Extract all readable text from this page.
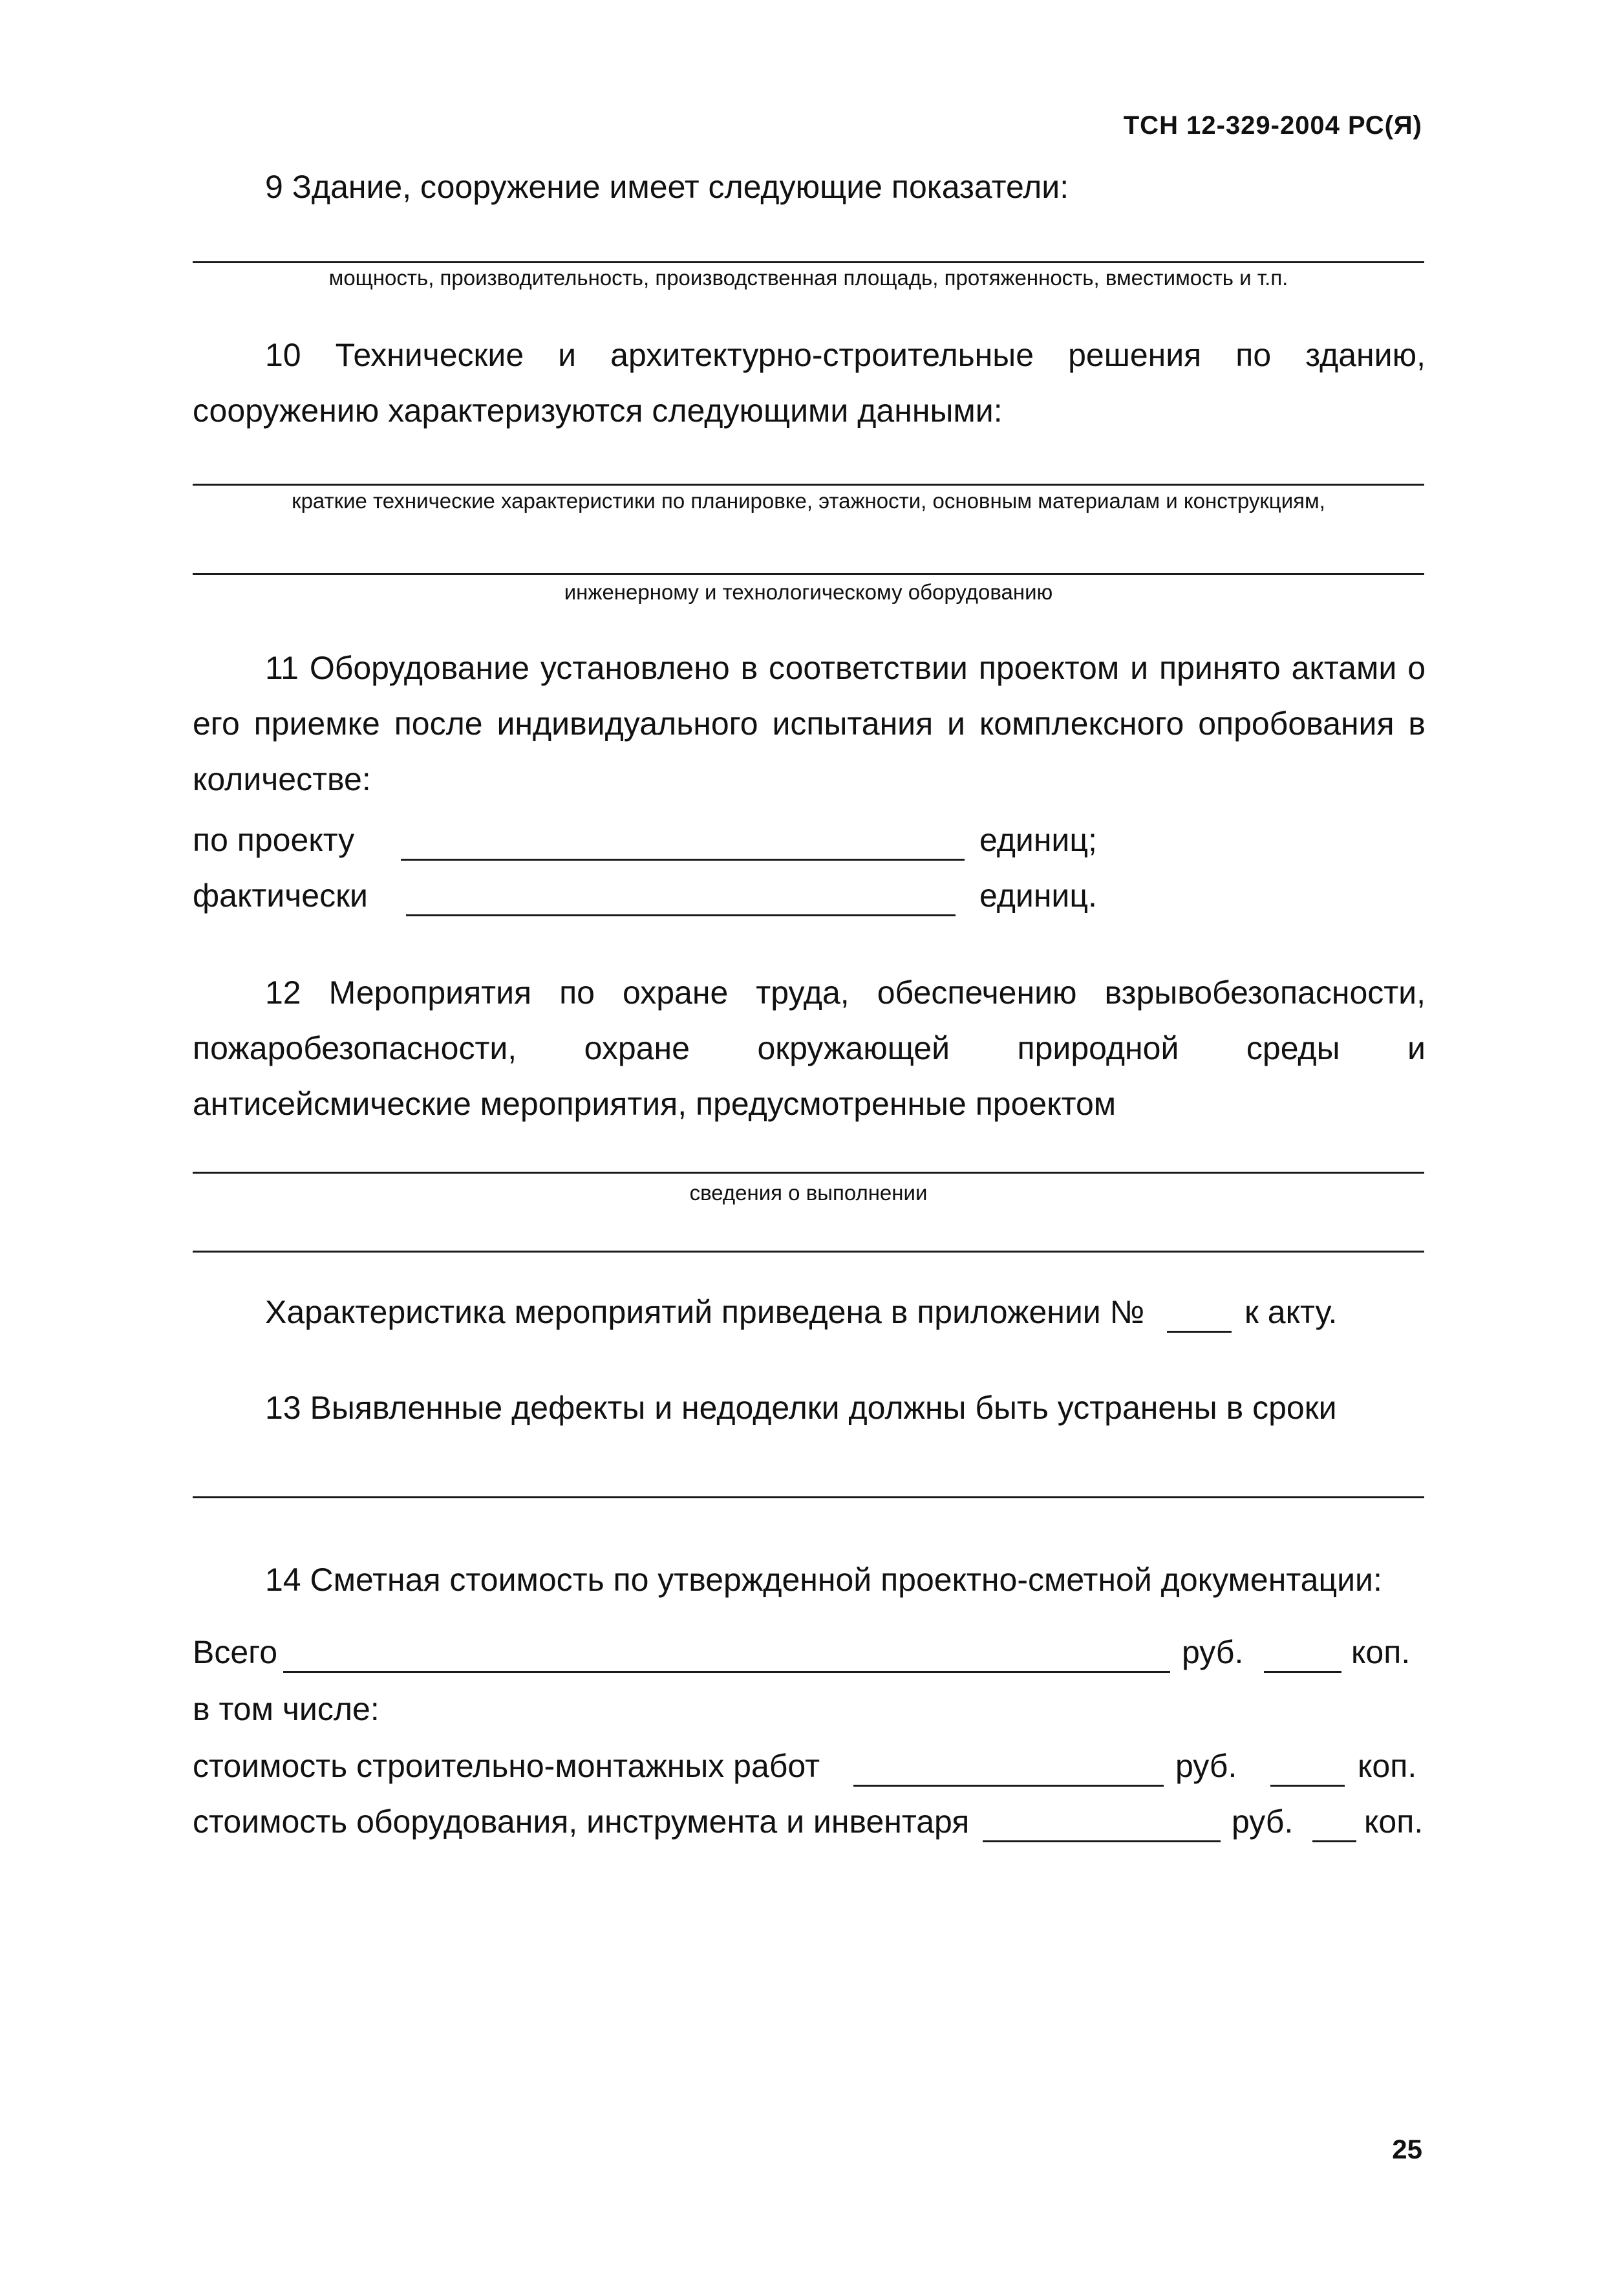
ТСН 12-329-2004 РС(Я)
9 Здание, сооружение имеет следующие показатели:
мощность, производительность, производственная площадь, протяженность, вместимость и т.п.
10 Технические и архитектурно-строительные решения по зданию,
сооружению характеризуются следующими данными:
краткие технические характеристики по планировке, этажности, основным материалам и конструкциям,
инженерному и технологическому оборудованию
11 Оборудование установлено в соответствии проектом и принято актами о
его приемке после индивидуального испытания и комплексного опробования в
количестве:
по проекту	единиц;
фактически	единиц.
12 Мероприятия по охране труда, обеспечению взрывобезопасности,
пожаробезопасности, охране окружающей природной среды и
антисейсмические мероприятия, предусмотренные проектом
сведения о выполнении
Характеристика мероприятий приведена в приложении №	к акту.
13 Выявленные дефекты и недоделки должны быть устранены в сроки
14 Сметная стоимость по утвержденной проектно-сметной документации:
Всего	руб.	коп.
в том числе:
стоимость строительно-монтажных работ	руб.	коп.
стоимость оборудования, инструмента и инвентаря	руб. коп.
25
